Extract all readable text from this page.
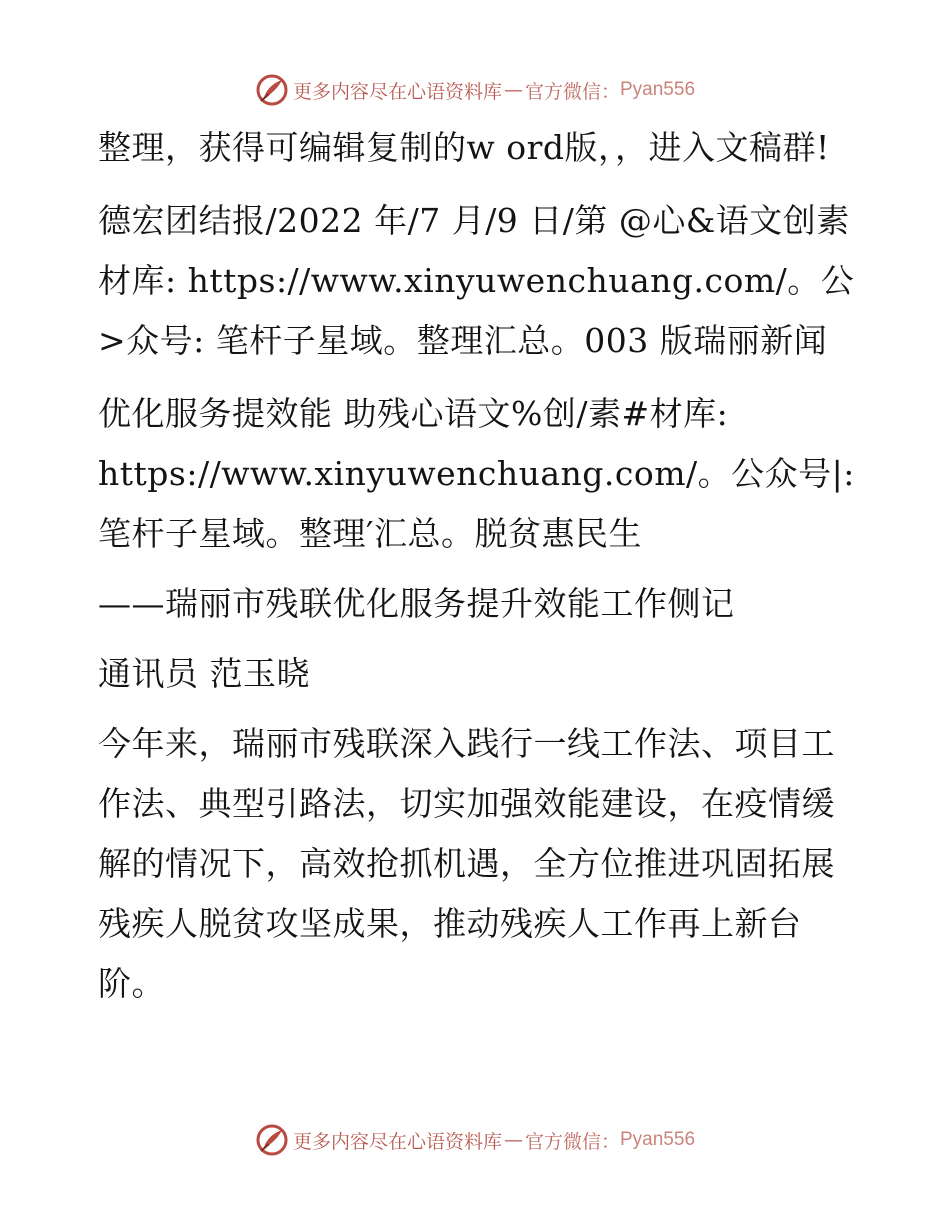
更多内容尽在心语资料库 — 官方微信： Pyan556

整理，获得可编辑复制的w ord版，，进入文稿群!

德宏团结报/2022 年/7 月/9 日/第 @心&语文创素材库: https://www.xinyuwenchuang.com/。公>众号: 笔杆子星域。整理汇总。003 版瑞丽新闻

优化服务提效能 助残心语文%创/素#材库: https://www.xinyuwenchuang.com/。公众号|: 笔杆子星域。整理′汇总。脱贫惠民生

——瑞丽市残联优化服务提升效能工作侧记

通讯员 范玉晓

今年来，瑞丽市残联深入践行一线工作法、项目工作法、典型引路法，切实加强效能建设，在疫情缓解的情况下，高效抢抓机遇，全方位推进巩固拓展残疾人脱贫攻坚成果，推动残疾人工作再上新台阶。

更多内容尽在心语资料库 — 官方微信： Pyan556
